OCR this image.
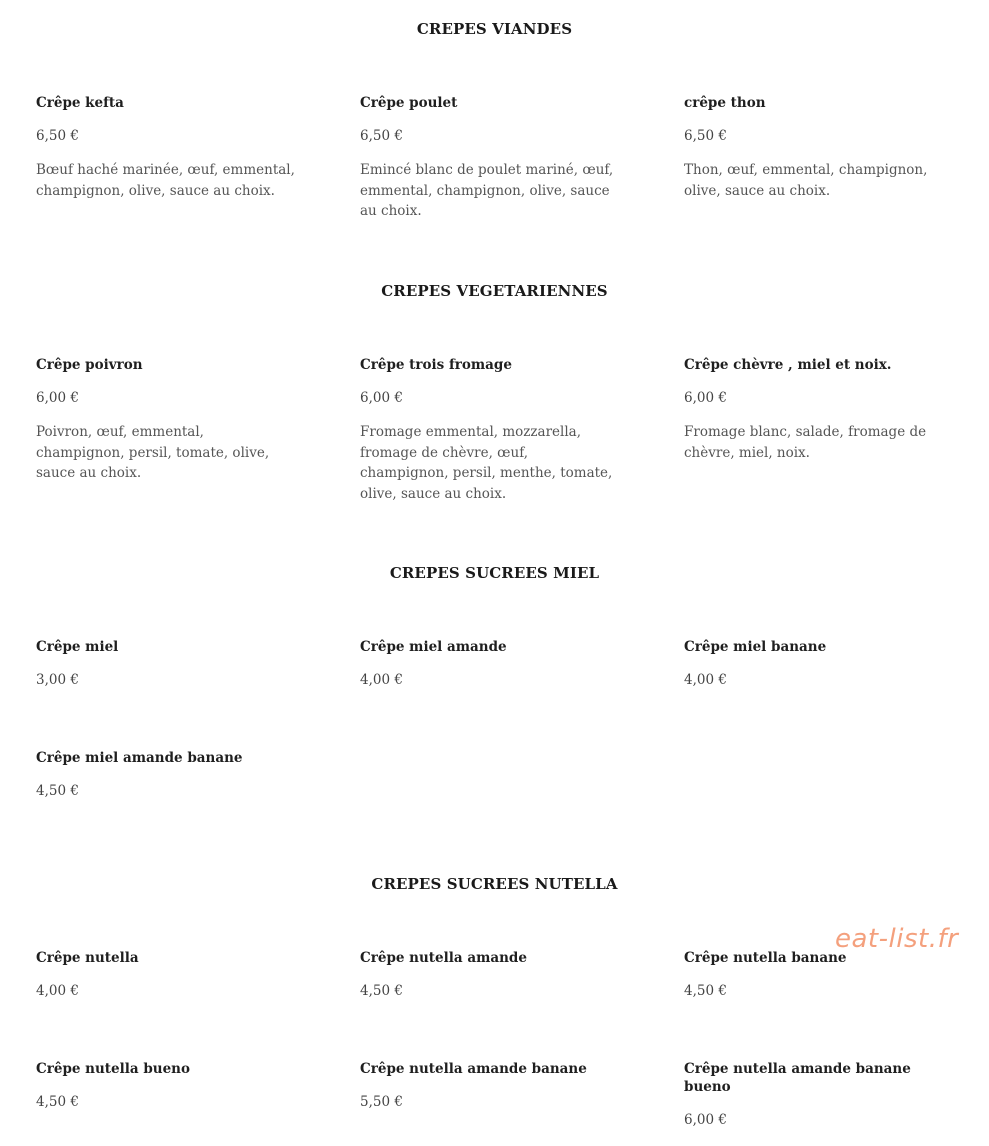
CREPES VIANDES
Crêpe kefta
6,50 €
Bœuf haché marinée, œuf, emmental, champignon, olive, sauce au choix.
Crêpe poulet
6,50 €
Emincé blanc de poulet mariné, œuf, emmental, champignon, olive, sauce au choix.
crêpe thon
6,50 €
Thon, œuf, emmental, champignon, olive, sauce au choix.
CREPES VEGETARIENNES
Crêpe poivron
6,00 €
Poivron, œuf, emmental, champignon, persil, tomate, olive, sauce au choix.
Crêpe trois fromage
6,00 €
Fromage emmental, mozzarella, fromage de chèvre, œuf, champignon, persil, menthe, tomate, olive, sauce au choix.
Crêpe chèvre , miel et noix.
6,00 €
Fromage blanc, salade, fromage de chèvre, miel, noix.
CREPES SUCREES MIEL
Crêpe miel
3,00 €
Crêpe miel amande
4,00 €
Crêpe miel banane
4,00 €
Crêpe miel amande banane
4,50 €
CREPES SUCREES NUTELLA
Crêpe nutella
4,00 €
Crêpe nutella amande
4,50 €
Crêpe nutella banane
4,50 €
Crêpe nutella bueno
4,50 €
Crêpe nutella amande banane
5,50 €
Crêpe nutella amande banane bueno
6,00 €
eat-list.fr
